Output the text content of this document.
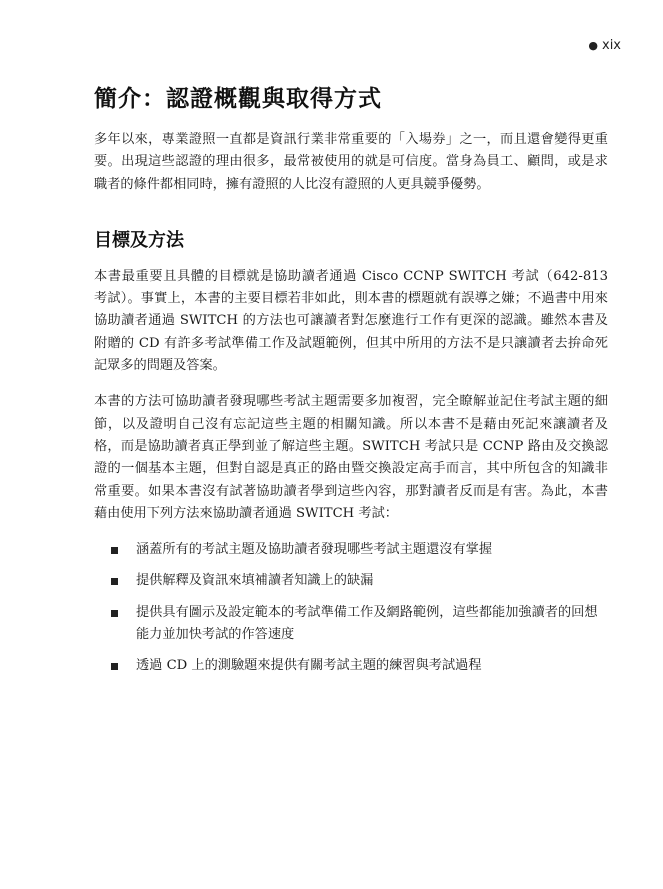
● xix
簡介：認證概觀與取得方式

多年以來，專業證照一直都是資訊行業非常重要的「入場券」之一，而且還會變得更重要。出現這些認證的理由很多，最常被使用的就是可信度。當身為員工、顧問，或是求職者的條件都相同時，擁有證照的人比沒有證照的人更具競爭優勢。

目標及方法

本書最重要且具體的目標就是協助讀者通過 Cisco CCNP SWITCH 考試（642-813 考試）。事實上，本書的主要目標若非如此，則本書的標題就有誤導之嫌；不過書中用來協助讀者通過 SWITCH 的方法也可讓讀者對怎麼進行工作有更深的認識。雖然本書及附贈的 CD 有許多考試準備工作及試題範例，但其中所用的方法不是只讓讀者去拚命死記眾多的問題及答案。

本書的方法可協助讀者發現哪些考試主題需要多加複習，完全瞭解並記住考試主題的細節，以及證明自己沒有忘記這些主題的相關知識。所以本書不是藉由死記來讓讀者及格，而是協助讀者真正學到並了解這些主題。SWITCH 考試只是 CCNP 路由及交換認證的一個基本主題，但對自認是真正的路由暨交換設定高手而言，其中所包含的知識非常重要。如果本書沒有試著協助讀者學到這些內容，那對讀者反而是有害。為此，本書藉由使用下列方法來協助讀者通過 SWITCH 考試：

涵蓋所有的考試主題及協助讀者發現哪些考試主題還沒有掌握
提供解釋及資訊來填補讀者知識上的缺漏
提供具有圖示及設定範本的考試準備工作及網路範例，這些都能加強讀者的回想能力並加快考試的作答速度
透過 CD 上的測驗題來提供有關考試主題的練習與考試過程
